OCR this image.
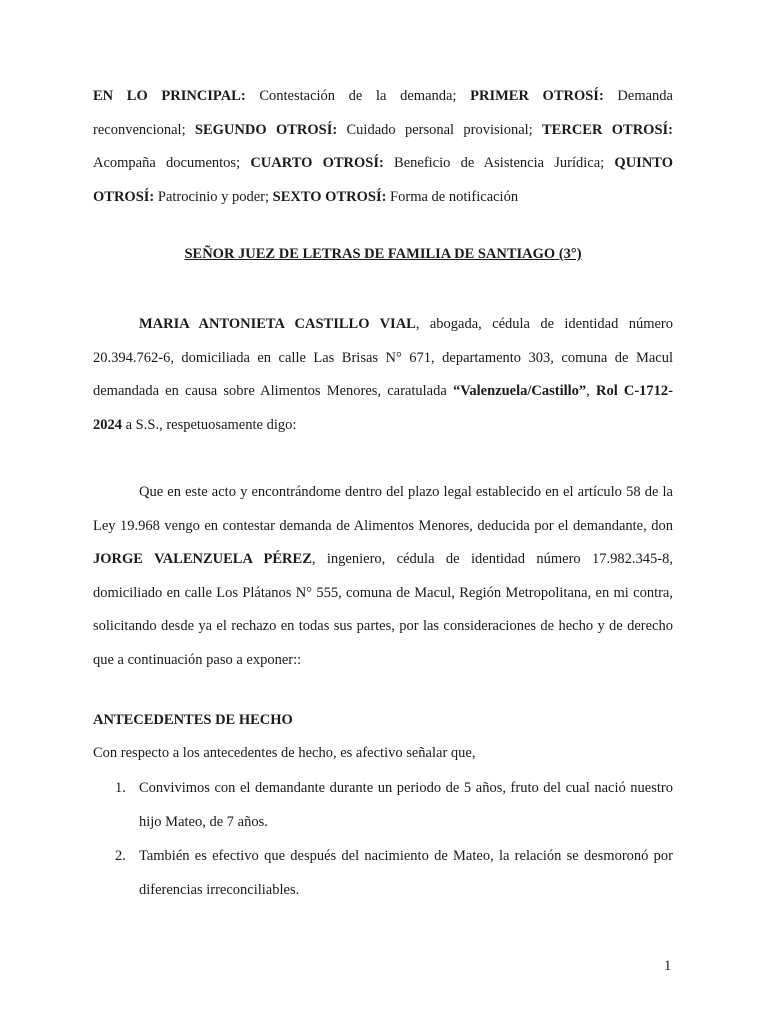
EN LO PRINCIPAL: Contestación de la demanda; PRIMER OTROSÍ: Demanda reconvencional; SEGUNDO OTROSÍ: Cuidado personal provisional; TERCER OTROSÍ: Acompaña documentos; CUARTO OTROSÍ: Beneficio de Asistencia Jurídica; QUINTO OTROSÍ: Patrocinio y poder; SEXTO OTROSÍ: Forma de notificación

SEÑOR JUEZ DE LETRAS DE FAMILIA DE SANTIAGO (3°)

MARIA ANTONIETA CASTILLO VIAL, abogada, cédula de identidad número 20.394.762-6, domiciliada en calle Las Brisas N° 671, departamento 303, comuna de Macul demandada en causa sobre Alimentos Menores, caratulada “Valenzuela/Castillo”, Rol C-1712-2024 a S.S., respetuosamente digo:

Que en este acto y encontrándome dentro del plazo legal establecido en el artículo 58 de la Ley 19.968 vengo en contestar demanda de Alimentos Menores, deducida por el demandante, don JORGE VALENZUELA PÉREZ, ingeniero, cédula de identidad número 17.982.345-8, domiciliado en calle Los Plátanos N° 555, comuna de Macul, Región Metropolitana, en mi contra, solicitando desde ya el rechazo en todas sus partes, por las consideraciones de hecho y de derecho que a continuación paso a exponer::

ANTECEDENTES DE HECHO

Con respecto a los antecedentes de hecho, es afectivo señalar que,

1. Convivimos con el demandante durante un periodo de 5 años, fruto del cual nació nuestro hijo Mateo, de 7 años.
2. También es efectivo que después del nacimiento de Mateo, la relación se desmoronó por diferencias irreconciliables.
1
